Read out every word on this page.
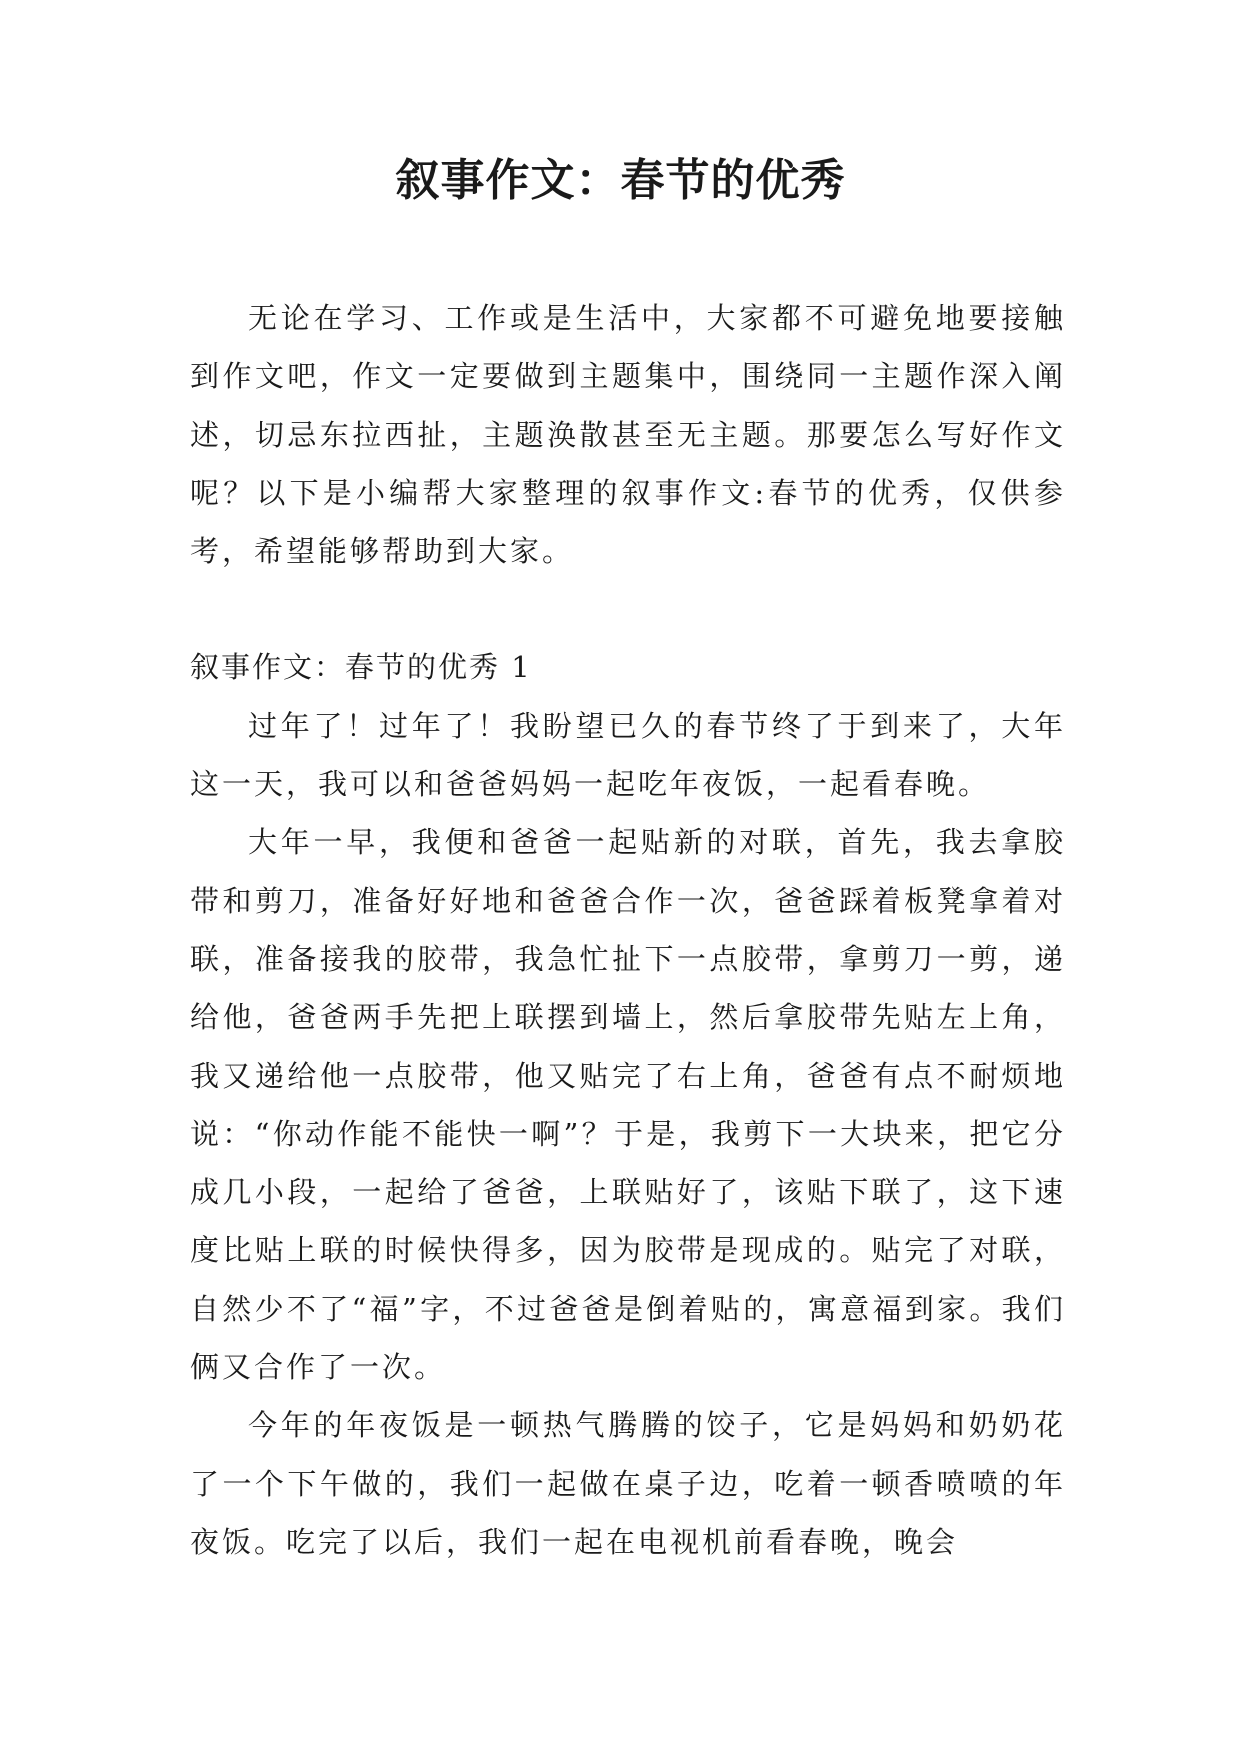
叙事作文：春节的优秀

无论在学习、工作或是生活中，大家都不可避免地要接触到作文吧，作文一定要做到主题集中，围绕同一主题作深入阐述，切忌东拉西扯，主题涣散甚至无主题。那要怎么写好作文呢？以下是小编帮大家整理的叙事作文:春节的优秀，仅供参考，希望能够帮助到大家。

叙事作文：春节的优秀 1

过年了！过年了！我盼望已久的春节终了于到来了，大年这一天，我可以和爸爸妈妈一起吃年夜饭，一起看春晚。

大年一早，我便和爸爸一起贴新的对联，首先，我去拿胶带和剪刀，准备好好地和爸爸合作一次，爸爸踩着板凳拿着对联，准备接我的胶带，我急忙扯下一点胶带，拿剪刀一剪，递给他，爸爸两手先把上联摆到墙上，然后拿胶带先贴左上角，我又递给他一点胶带，他又贴完了右上角，爸爸有点不耐烦地说：“你动作能不能快一啊”？于是，我剪下一大块来，把它分成几小段，一起给了爸爸，上联贴好了，该贴下联了，这下速度比贴上联的时候快得多，因为胶带是现成的。贴完了对联，自然少不了“福”字，不过爸爸是倒着贴的，寓意福到家。我们俩又合作了一次。

今年的年夜饭是一顿热气腾腾的饺子，它是妈妈和奶奶花了一个下午做的，我们一起做在桌子边，吃着一顿香喷喷的年夜饭。吃完了以后，我们一起在电视机前看春晚，晚会
